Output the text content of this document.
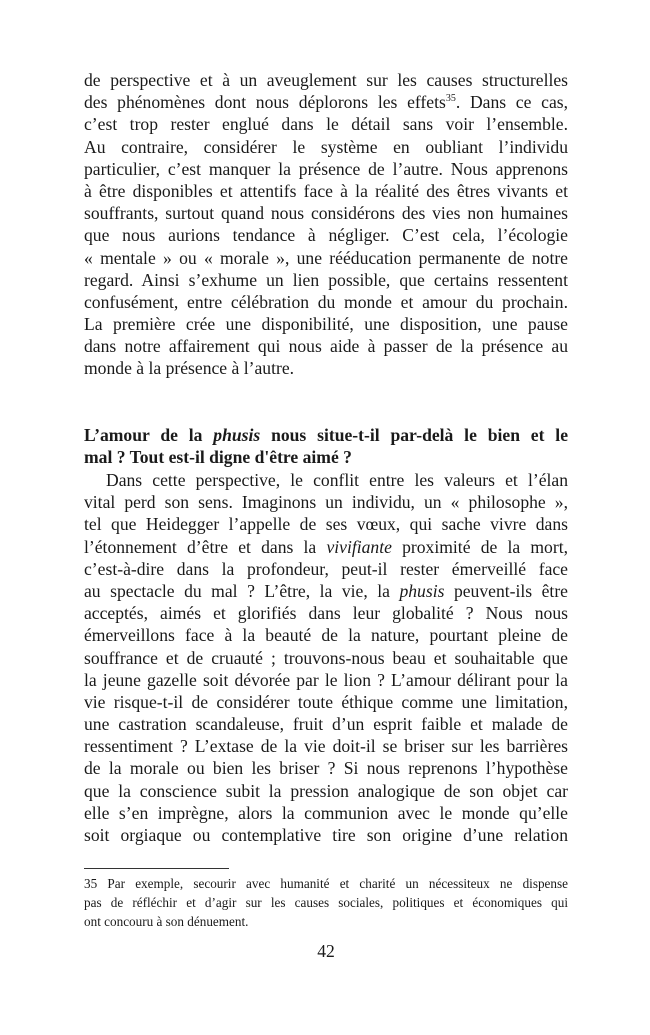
de perspective et à un aveuglement sur les causes structurelles
des phénomènes dont nous déplorons les effets$^{35}$. Dans ce cas,
c’est trop rester englué dans le détail sans voir l’ensemble.
Au contraire, considérer le système en oubliant l’individu
particulier, c’est manquer la présence de l’autre. Nous apprenons
à être disponibles et attentifs face à la réalité des êtres vivants et
souffrants, surtout quand nous considérons des vies non humaines
que nous aurions tendance à négliger. C’est cela, l’écologie
« mentale » ou « morale », une rééducation permanente de notre
regard. Ainsi s’exhume un lien possible, que certains ressentent
confusément, entre célébration du monde et amour du prochain.
La première crée une disponibilité, une disposition, une pause
dans notre affairement qui nous aide à passer de la présence au
monde à la présence à l’autre.
L’amour de la phusis nous situe-t-il par-delà le bien et le
mal ? Tout est-il digne d'être aimé ?
Dans cette perspective, le conflit entre les valeurs et l’élan
vital perd son sens. Imaginons un individu, un « philosophe »,
tel que Heidegger l’appelle de ses vœux, qui sache vivre dans
l’étonnement d’être et dans la vivifiante proximité de la mort,
c’est-à-dire dans la profondeur, peut-il rester émerveillé face
au spectacle du mal ? L’être, la vie, la phusis peuvent-ils être
acceptés, aimés et glorifiés dans leur globalité ? Nous nous
émerveillons face à la beauté de la nature, pourtant pleine de
souffrance et de cruauté ; trouvons-nous beau et souhaitable que
la jeune gazelle soit dévorée par le lion ? L’amour délirant pour la
vie risque-t-il de considérer toute éthique comme une limitation,
une castration scandaleuse, fruit d’un esprit faible et malade de
ressentiment ? L’extase de la vie doit-il se briser sur les barrières
de la morale ou bien les briser ? Si nous reprenons l’hypothèse
que la conscience subit la pression analogique de son objet car
elle s’en imprègne, alors la communion avec le monde qu’elle
soit orgiaque ou contemplative tire son origine d’une relation
35 Par exemple, secourir avec humanité et charité un nécessiteux ne dispense
pas de réfléchir et d’agir sur les causes sociales, politiques et économiques qui
ont concouru à son dénuement.
42
